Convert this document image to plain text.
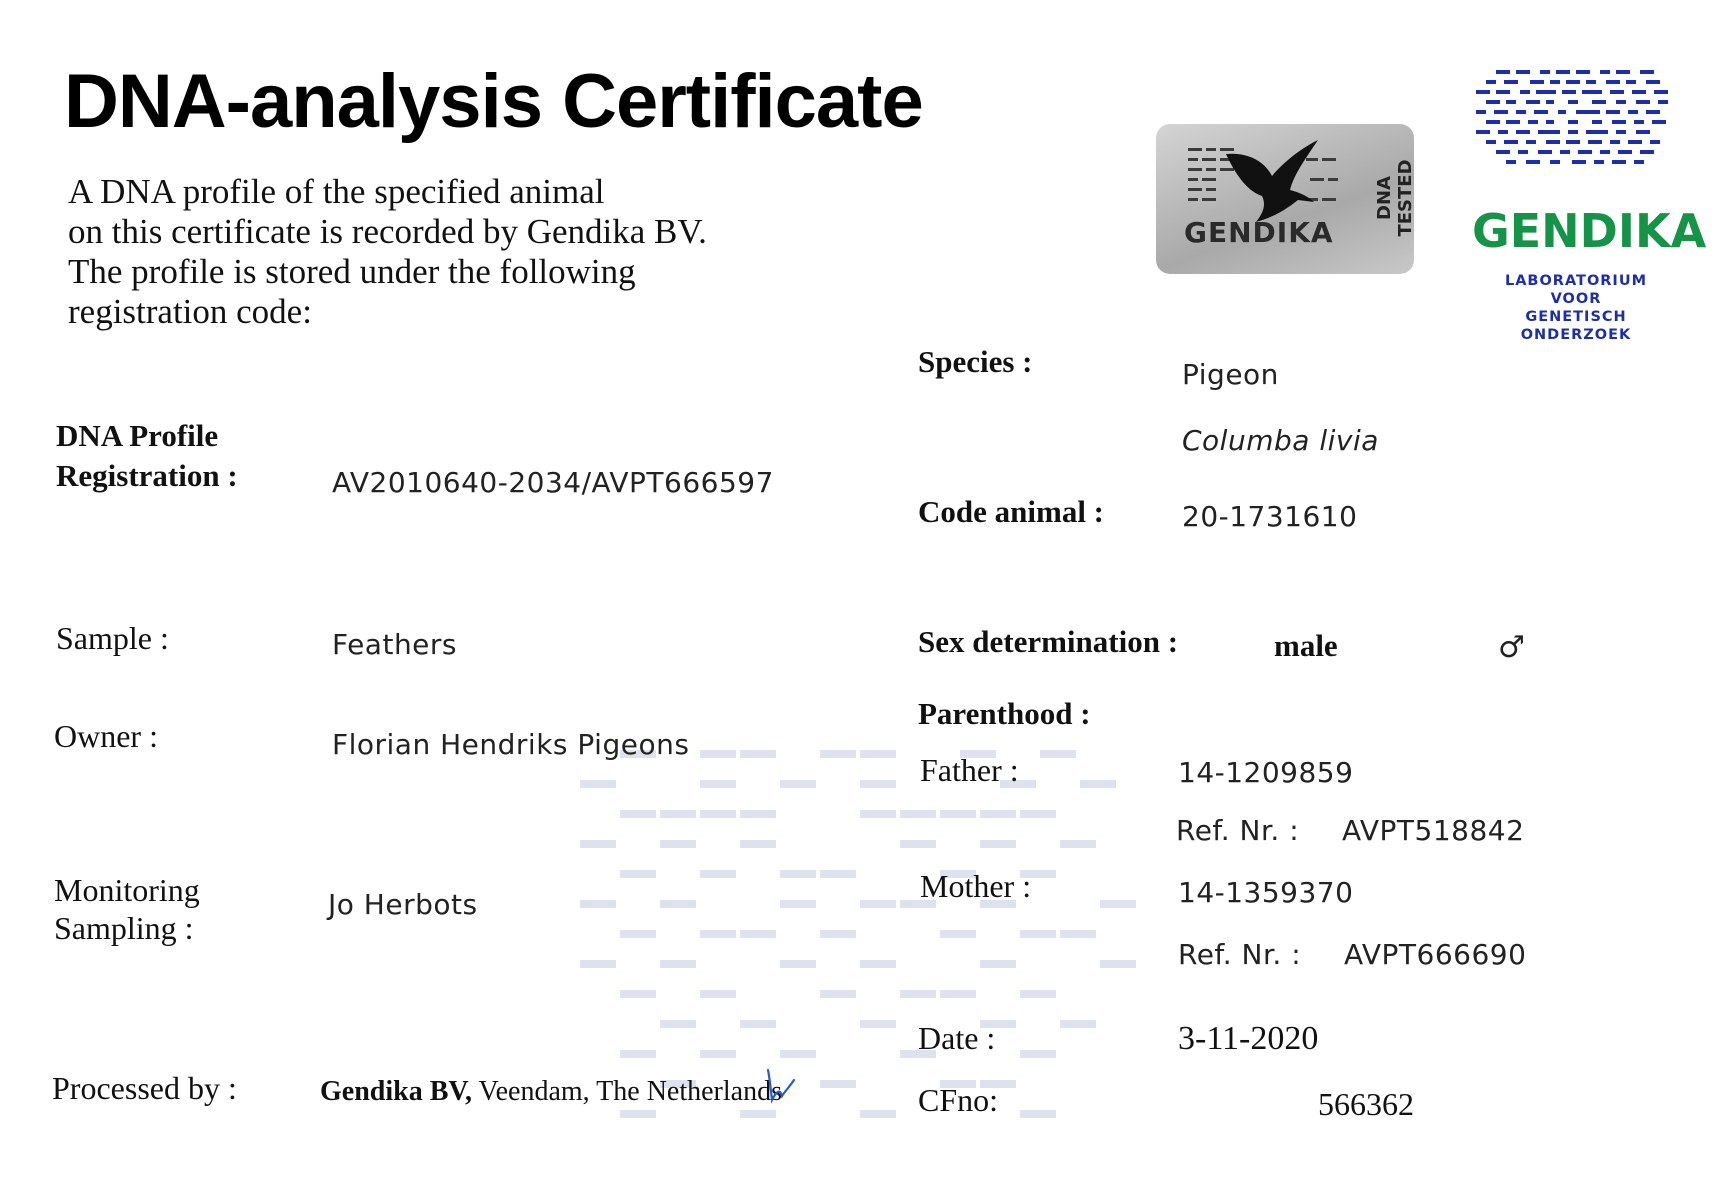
DNA-analysis Certificate
A DNA profile of the specified animal
on this certificate is recorded by Gendika BV.
The profile is stored under the following
registration code:
GENDIKA
DNA TESTED GENDIKA
LABORATORIUM VOOR
GENETISCH ONDERZOEK
DNA Profile
Registration :	AV2010640-2034/AVPT666597
Sample :	Feathers
Owner :	Florian Hendriks Pigeons
Monitoring
Sampling :
Jo Herbots
Processed by :	Gendika BV, Veendam, The Netherlands
Species :	Pigeon
Columba livia
Code animal :	20-1731610
Sex determination :	male	♂
Parenthood :
Father :	14-1209859
Ref. Nr. : AVPT518842
Mother :	14-1359370
Ref. Nr. : AVPT666690
Date :	3-11-2020
CFno:	566362
